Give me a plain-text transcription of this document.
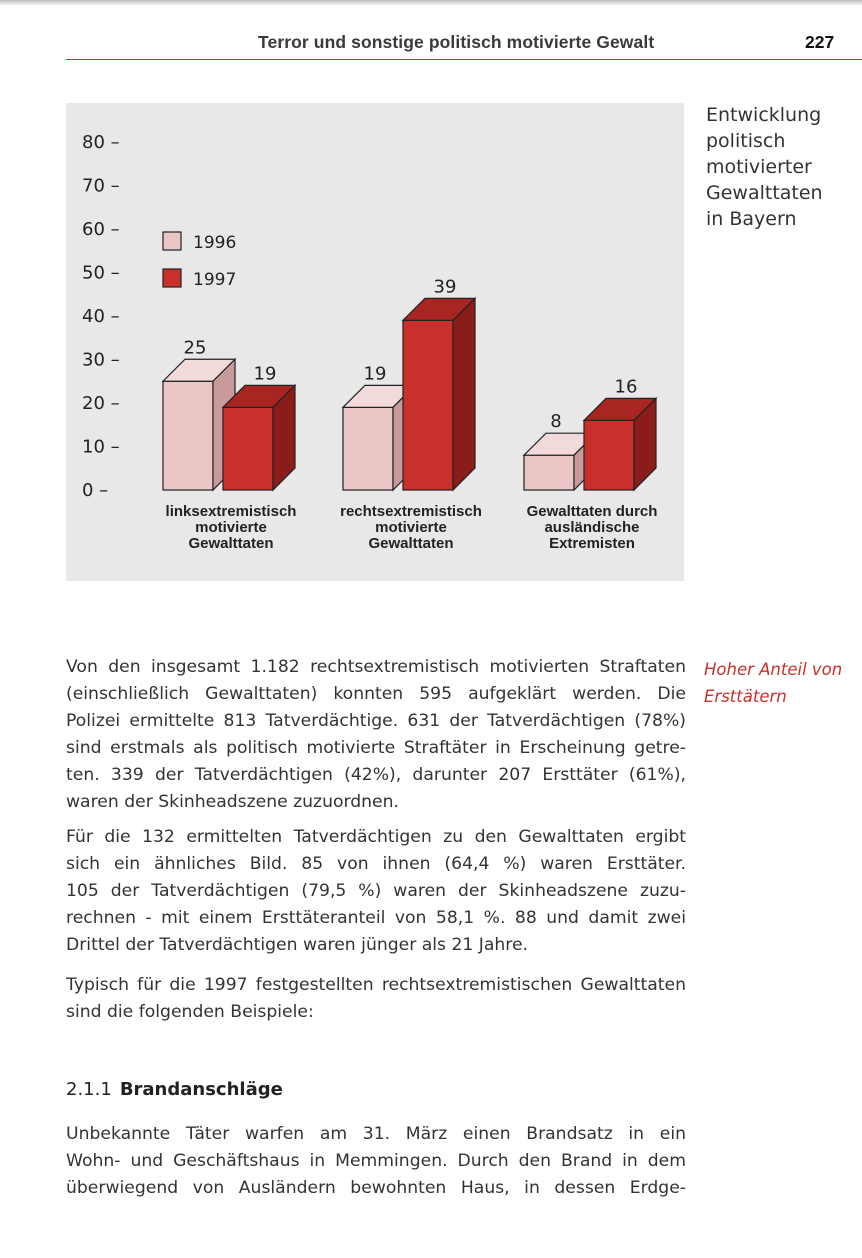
Terror und sonstige politisch motivierte Gewalt	227
0 –
10 –
20 –
30 –
40 –
50 –
60 –
70 –
80 –
25
19
8
19
39
16
linksextremistisch
motivierte
Gewalttaten
rechtsextremistisch
motivierte
Gewalttaten
Gewalttaten durch
ausländische
Extremisten
1996
1997
Entwicklung
politisch
motivierter
Gewalttaten
in Bayern
Hoher Anteil von
Ersttätern
Von den insgesamt 1.182 rechtsextremistisch motivierten Straftaten
(einschließlich Gewalttaten) konnten 595 aufgeklärt werden. Die
Polizei ermittelte 813 Tatverdächtige. 631 der Tatverdächtigen (78%)
sind erstmals als politisch motivierte Straftäter in Erscheinung getre-
ten. 339 der Tatverdächtigen (42%), darunter 207 Ersttäter (61%),
waren der Skinheadszene zuzuordnen.
Für die 132 ermittelten Tatverdächtigen zu den Gewalttaten ergibt
sich ein ähnliches Bild. 85 von ihnen (64,4 %) waren Ersttäter.
105 der Tatverdächtigen (79,5 %) waren der Skinheadszene zuzu-
rechnen - mit einem Ersttäteranteil von 58,1 %. 88 und damit zwei
Drittel der Tatverdächtigen waren jünger als 21 Jahre.
Typisch für die 1997 festgestellten rechtsextremistischen Gewalttaten
sind die folgenden Beispiele:
2.1.1 Brandanschläge
Unbekannte Täter warfen am 31. März einen Brandsatz in ein
Wohn- und Geschäftshaus in Memmingen. Durch den Brand in dem
überwiegend von Ausländern bewohnten Haus, in dessen Erdge-
